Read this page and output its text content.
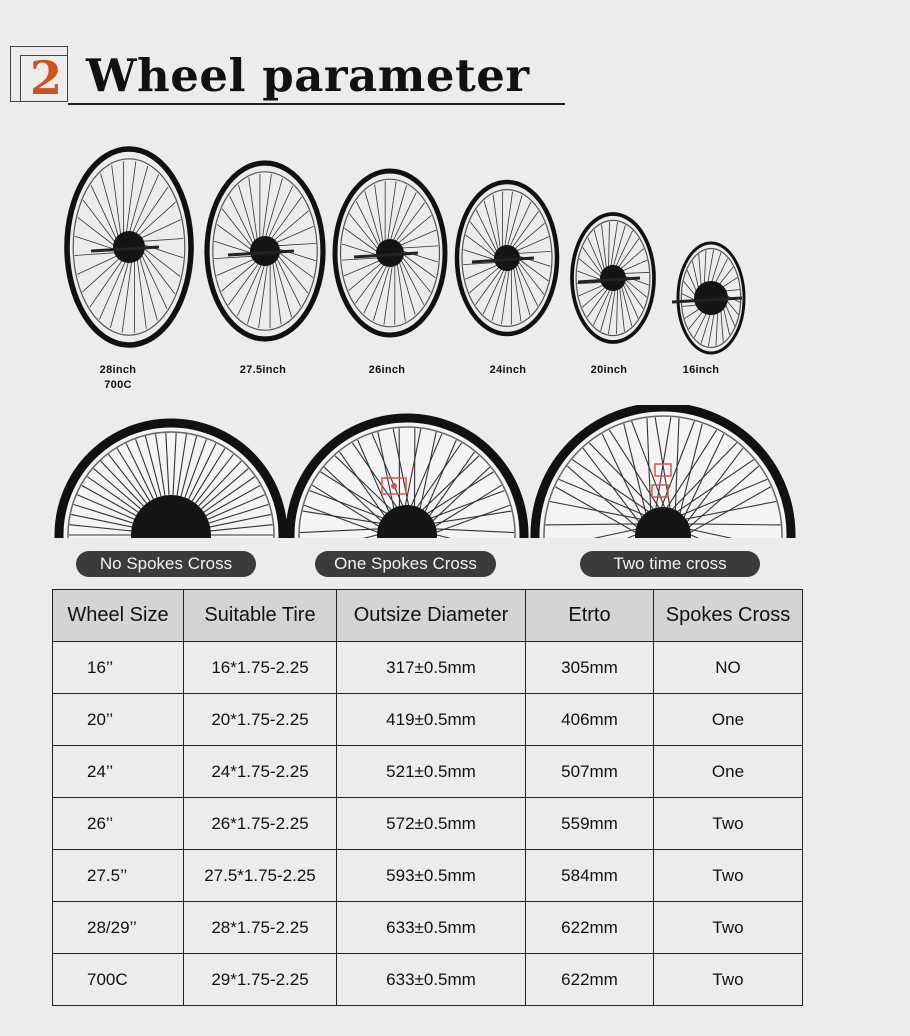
2 Wheel parameter
28inch
700C
27.5inch	26inch	24inch	20inch	16inch
No Spokes Cross	One Spokes Cross	Two time cross
Wheel Size	Suitable Tire	Outsize Diameter	Etrto	Spokes Cross
16’’	16*1.75-2.25	317±0.5mm	305mm	NO
20’’	20*1.75-2.25	419±0.5mm	406mm	One
24’’	24*1.75-2.25	521±0.5mm	507mm	One
26’’	26*1.75-2.25	572±0.5mm	559mm	Two
27.5’’	27.5*1.75-2.25	593±0.5mm	584mm	Two
28/29’’	28*1.75-2.25	633±0.5mm	622mm	Two
700C	29*1.75-2.25	633±0.5mm	622mm	Two
